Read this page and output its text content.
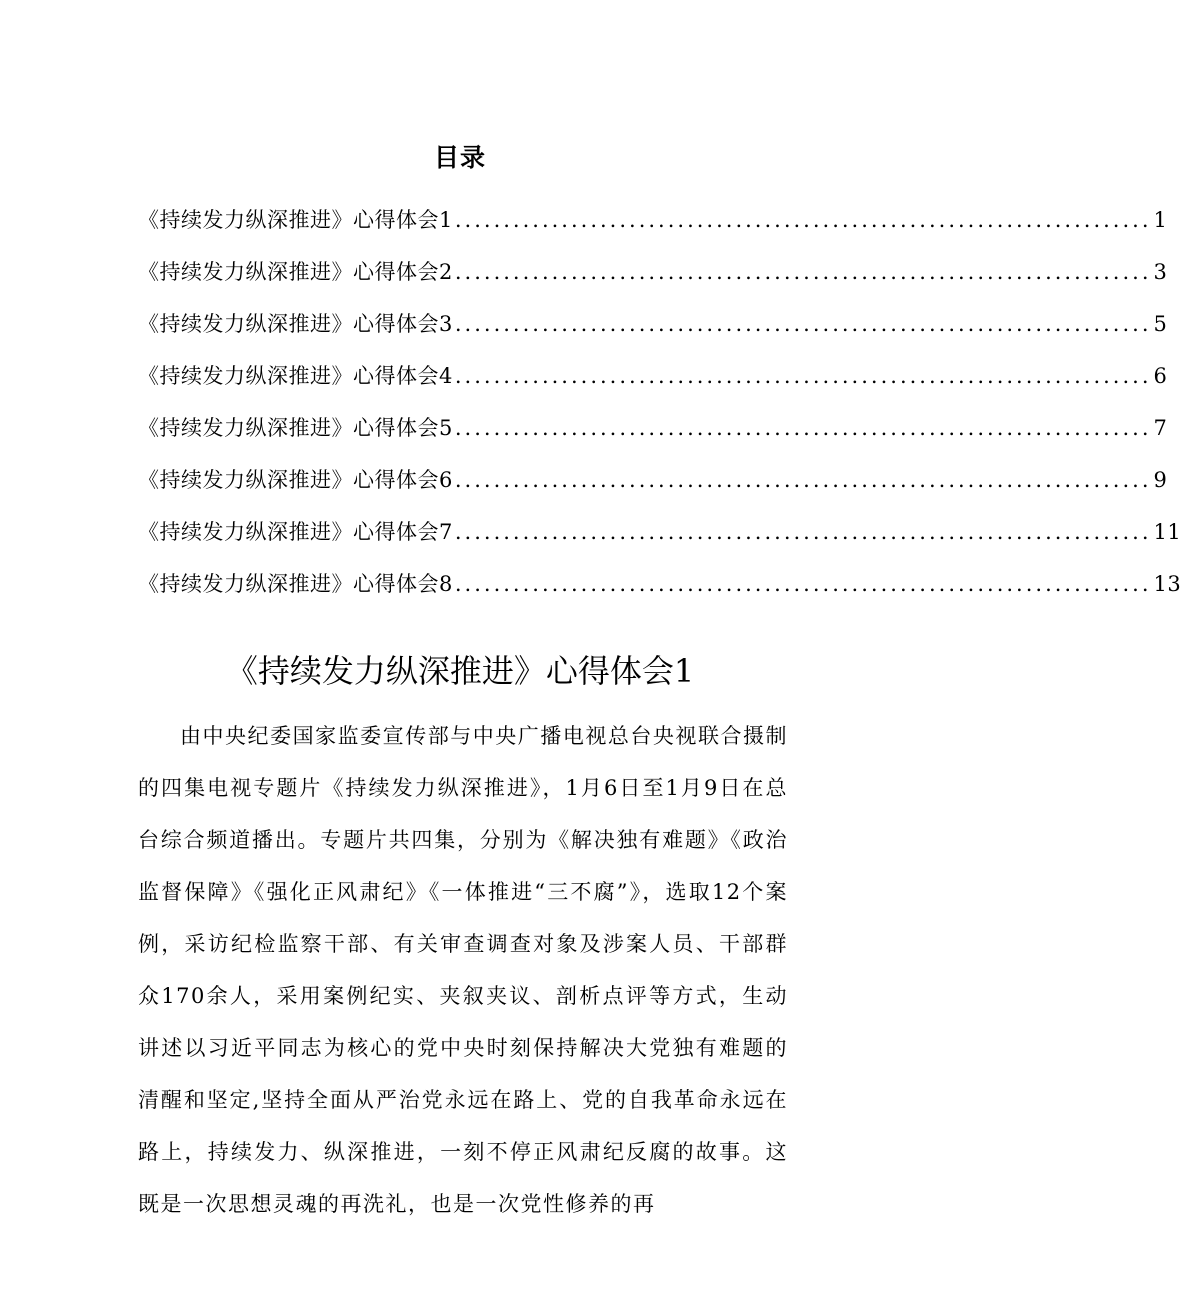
目录
《持续发力纵深推进》心得体会1 ........................................................................ 1
《持续发力纵深推进》心得体会2 ........................................................................ 3
《持续发力纵深推进》心得体会3 ........................................................................ 5
《持续发力纵深推进》心得体会4 ........................................................................ 6
《持续发力纵深推进》心得体会5 ........................................................................ 7
《持续发力纵深推进》心得体会6 ........................................................................ 9
《持续发力纵深推进》心得体会7 ........................................................................ 11
《持续发力纵深推进》心得体会8 ........................................................................ 13
《持续发力纵深推进》心得体会1

由中央纪委国家监委宣传部与中央广播电视总台央视联合摄制的四集电视专题片《持续发力纵深推进》，1月6日至1月9日在总台综合频道播出。专题片共四集，分别为《解决独有难题》《政治监督保障》《强化正风肃纪》《一体推进“三不腐”》，选取12个案例，采访纪检监察干部、有关审查调查对象及涉案人员、干部群众170余人，采用案例纪实、夹叙夹议、剖析点评等方式，生动讲述以习近平同志为核心的党中央时刻保持解决大党独有难题的清醒和坚定,坚持全面从严治党永远在路上、党的自我革命永远在路上，持续发力、纵深推进，一刻不停正风肃纪反腐的故事。这既是一次思想灵魂的再洗礼，也是一次党性修养的再
